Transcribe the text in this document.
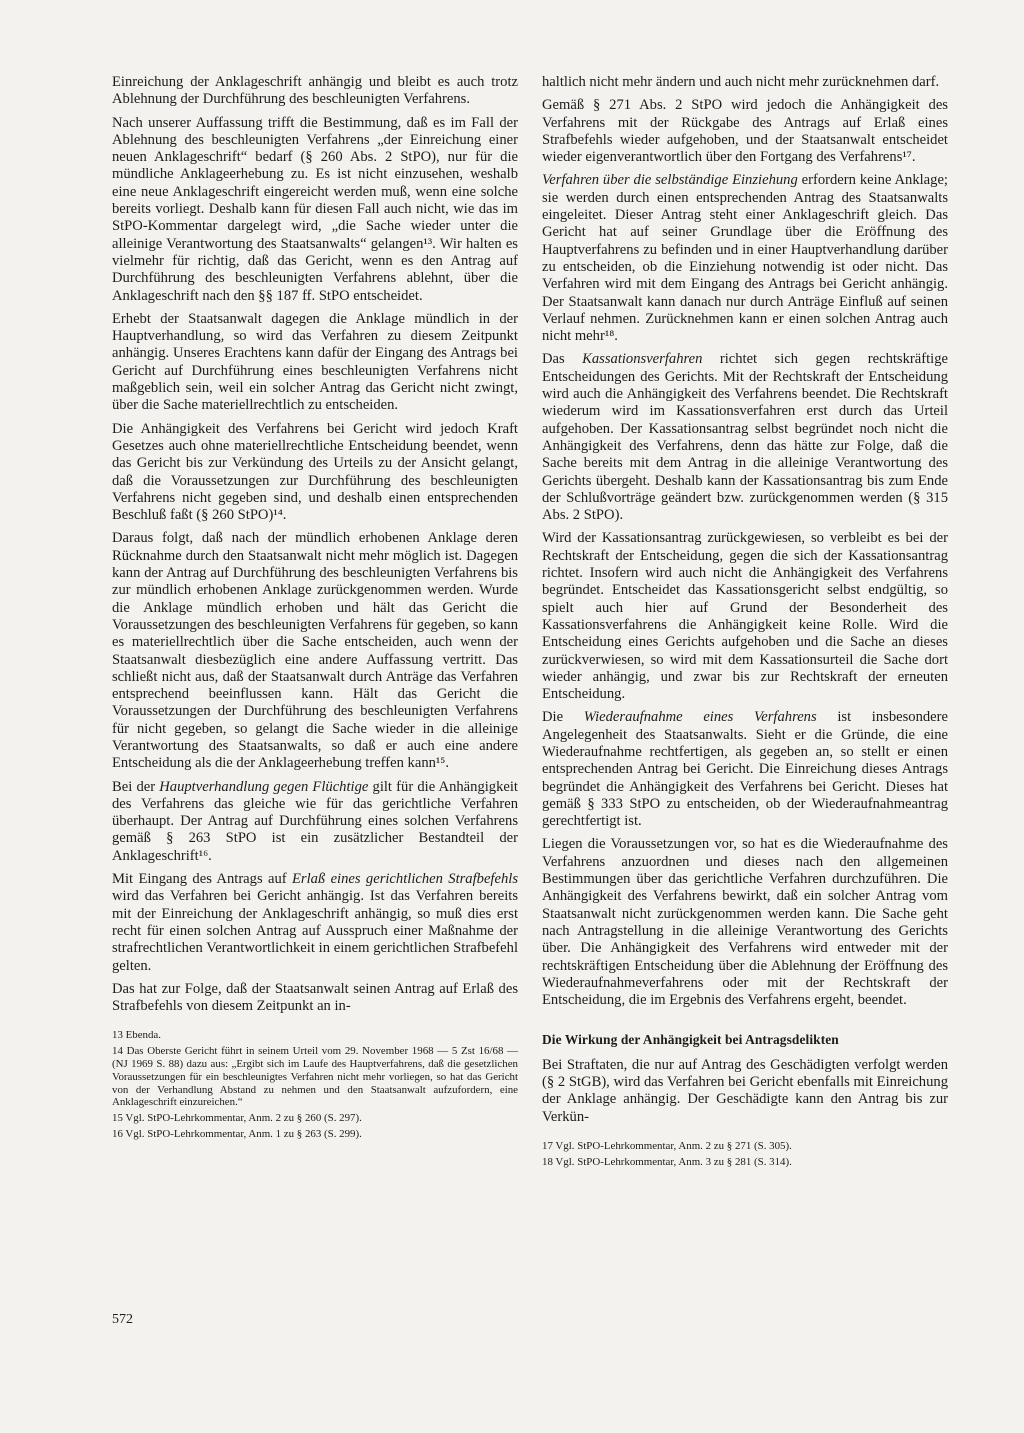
Einreichung der Anklageschrift anhängig und bleibt es auch trotz Ablehnung der Durchführung des beschleunigten Verfahrens.

Nach unserer Auffassung trifft die Bestimmung, daß es im Fall der Ablehnung des beschleunigten Verfahrens „der Einreichung einer neuen Anklageschrift“ bedarf (§ 260 Abs. 2 StPO), nur für die mündliche Anklageerhebung zu. Es ist nicht einzusehen, weshalb eine neue Anklageschrift eingereicht werden muß, wenn eine solche bereits vorliegt. Deshalb kann für diesen Fall auch nicht, wie das im StPO-Kommentar dargelegt wird, „die Sache wieder unter die alleinige Verantwortung des Staatsanwalts“ gelangen¹³. Wir halten es vielmehr für richtig, daß das Gericht, wenn es den Antrag auf Durchführung des beschleunigten Verfahrens ablehnt, über die Anklageschrift nach den §§ 187 ff. StPO entscheidet.

Erhebt der Staatsanwalt dagegen die Anklage mündlich in der Hauptverhandlung, so wird das Verfahren zu diesem Zeitpunkt anhängig. Unseres Erachtens kann dafür der Eingang des Antrags bei Gericht auf Durchführung eines beschleunigten Verfahrens nicht maßgeblich sein, weil ein solcher Antrag das Gericht nicht zwingt, über die Sache materiellrechtlich zu entscheiden.

Die Anhängigkeit des Verfahrens bei Gericht wird jedoch Kraft Gesetzes auch ohne materiellrechtliche Entscheidung beendet, wenn das Gericht bis zur Verkündung des Urteils zu der Ansicht gelangt, daß die Voraussetzungen zur Durchführung des beschleunigten Verfahrens nicht gegeben sind, und deshalb einen entsprechenden Beschluß faßt (§ 260 StPO)¹⁴.

Daraus folgt, daß nach der mündlich erhobenen Anklage deren Rücknahme durch den Staatsanwalt nicht mehr möglich ist. Dagegen kann der Antrag auf Durchführung des beschleunigten Verfahrens bis zur mündlich erhobenen Anklage zurückgenommen werden. Wurde die Anklage mündlich erhoben und hält das Gericht die Voraussetzungen des beschleunigten Verfahrens für gegeben, so kann es materiellrechtlich über die Sache entscheiden, auch wenn der Staatsanwalt diesbezüglich eine andere Auffassung vertritt. Das schließt nicht aus, daß der Staatsanwalt durch Anträge das Verfahren entsprechend beeinflussen kann. Hält das Gericht die Voraussetzungen der Durchführung des beschleunigten Verfahrens für nicht gegeben, so gelangt die Sache wieder in die alleinige Verantwortung des Staatsanwalts, so daß er auch eine andere Entscheidung als die der Anklageerhebung treffen kann¹⁵.

Bei der Hauptverhandlung gegen Flüchtige gilt für die Anhängigkeit des Verfahrens das gleiche wie für das gerichtliche Verfahren überhaupt. Der Antrag auf Durchführung eines solchen Verfahrens gemäß § 263 StPO ist ein zusätzlicher Bestandteil der Anklageschrift¹⁶.

Mit Eingang des Antrags auf Erlaß eines gerichtlichen Strafbefehls wird das Verfahren bei Gericht anhängig. Ist das Verfahren bereits mit der Einreichung der Anklageschrift anhängig, so muß dies erst recht für einen solchen Antrag auf Ausspruch einer Maßnahme der strafrechtlichen Verantwortlichkeit in einem gerichtlichen Strafbefehl gelten.

Das hat zur Folge, daß der Staatsanwalt seinen Antrag auf Erlaß des Strafbefehls von diesem Zeitpunkt an in-

13 Ebenda.

14 Das Oberste Gericht führt in seinem Urteil vom 29. November 1968 — 5 Zst 16/68 — (NJ 1969 S. 88) dazu aus: „Ergibt sich im Laufe des Hauptverfahrens, daß die gesetzlichen Voraussetzungen für ein beschleunigtes Verfahren nicht mehr vorliegen, so hat das Gericht von der Verhandlung Abstand zu nehmen und den Staatsanwalt aufzufordern, eine Anklageschrift einzureichen.“

15 Vgl. StPO-Lehrkommentar, Anm. 2 zu § 260 (S. 297).

16 Vgl. StPO-Lehrkommentar, Anm. 1 zu § 263 (S. 299).

haltlich nicht mehr ändern und auch nicht mehr zurücknehmen darf.

Gemäß § 271 Abs. 2 StPO wird jedoch die Anhängigkeit des Verfahrens mit der Rückgabe des Antrags auf Erlaß eines Strafbefehls wieder aufgehoben, und der Staatsanwalt entscheidet wieder eigenverantwortlich über den Fortgang des Verfahrens¹⁷.

Verfahren über die selbständige Einziehung erfordern keine Anklage; sie werden durch einen entsprechenden Antrag des Staatsanwalts eingeleitet. Dieser Antrag steht einer Anklageschrift gleich. Das Gericht hat auf seiner Grundlage über die Eröffnung des Hauptverfahrens zu befinden und in einer Hauptverhandlung darüber zu entscheiden, ob die Einziehung notwendig ist oder nicht. Das Verfahren wird mit dem Eingang des Antrags bei Gericht anhängig. Der Staatsanwalt kann danach nur durch Anträge Einfluß auf seinen Verlauf nehmen. Zurücknehmen kann er einen solchen Antrag auch nicht mehr¹⁸.

Das Kassationsverfahren richtet sich gegen rechtskräftige Entscheidungen des Gerichts. Mit der Rechtskraft der Entscheidung wird auch die Anhängigkeit des Verfahrens beendet. Die Rechtskraft wiederum wird im Kassationsverfahren erst durch das Urteil aufgehoben. Der Kassationsantrag selbst begründet noch nicht die Anhängigkeit des Verfahrens, denn das hätte zur Folge, daß die Sache bereits mit dem Antrag in die alleinige Verantwortung des Gerichts übergeht. Deshalb kann der Kassationsantrag bis zum Ende der Schlußvorträge geändert bzw. zurückgenommen werden (§ 315 Abs. 2 StPO).

Wird der Kassationsantrag zurückgewiesen, so verbleibt es bei der Rechtskraft der Entscheidung, gegen die sich der Kassationsantrag richtet. Insofern wird auch nicht die Anhängigkeit des Verfahrens begründet. Entscheidet das Kassationsgericht selbst endgültig, so spielt auch hier auf Grund der Besonderheit des Kassationsverfahrens die Anhängigkeit keine Rolle. Wird die Entscheidung eines Gerichts aufgehoben und die Sache an dieses zurückverwiesen, so wird mit dem Kassationsurteil die Sache dort wieder anhängig, und zwar bis zur Rechtskraft der erneuten Entscheidung.

Die Wiederaufnahme eines Verfahrens ist insbesondere Angelegenheit des Staatsanwalts. Sieht er die Gründe, die eine Wiederaufnahme rechtfertigen, als gegeben an, so stellt er einen entsprechenden Antrag bei Gericht. Die Einreichung dieses Antrags begründet die Anhängigkeit des Verfahrens bei Gericht. Dieses hat gemäß § 333 StPO zu entscheiden, ob der Wiederaufnahmeantrag gerechtfertigt ist.

Liegen die Voraussetzungen vor, so hat es die Wiederaufnahme des Verfahrens anzuordnen und dieses nach den allgemeinen Bestimmungen über das gerichtliche Verfahren durchzuführen. Die Anhängigkeit des Verfahrens bewirkt, daß ein solcher Antrag vom Staatsanwalt nicht zurückgenommen werden kann. Die Sache geht nach Antragstellung in die alleinige Verantwortung des Gerichts über. Die Anhängigkeit des Verfahrens wird entweder mit der rechtskräftigen Entscheidung über die Ablehnung der Eröffnung des Wiederaufnahmeverfahrens oder mit der Rechtskraft der Entscheidung, die im Ergebnis des Verfahrens ergeht, beendet.

Die Wirkung der Anhängigkeit bei Antragsdelikten

Bei Straftaten, die nur auf Antrag des Geschädigten verfolgt werden (§ 2 StGB), wird das Verfahren bei Gericht ebenfalls mit Einreichung der Anklage anhängig. Der Geschädigte kann den Antrag bis zur Verkün-

17 Vgl. StPO-Lehrkommentar, Anm. 2 zu § 271 (S. 305).

18 Vgl. StPO-Lehrkommentar, Anm. 3 zu § 281 (S. 314).

572
